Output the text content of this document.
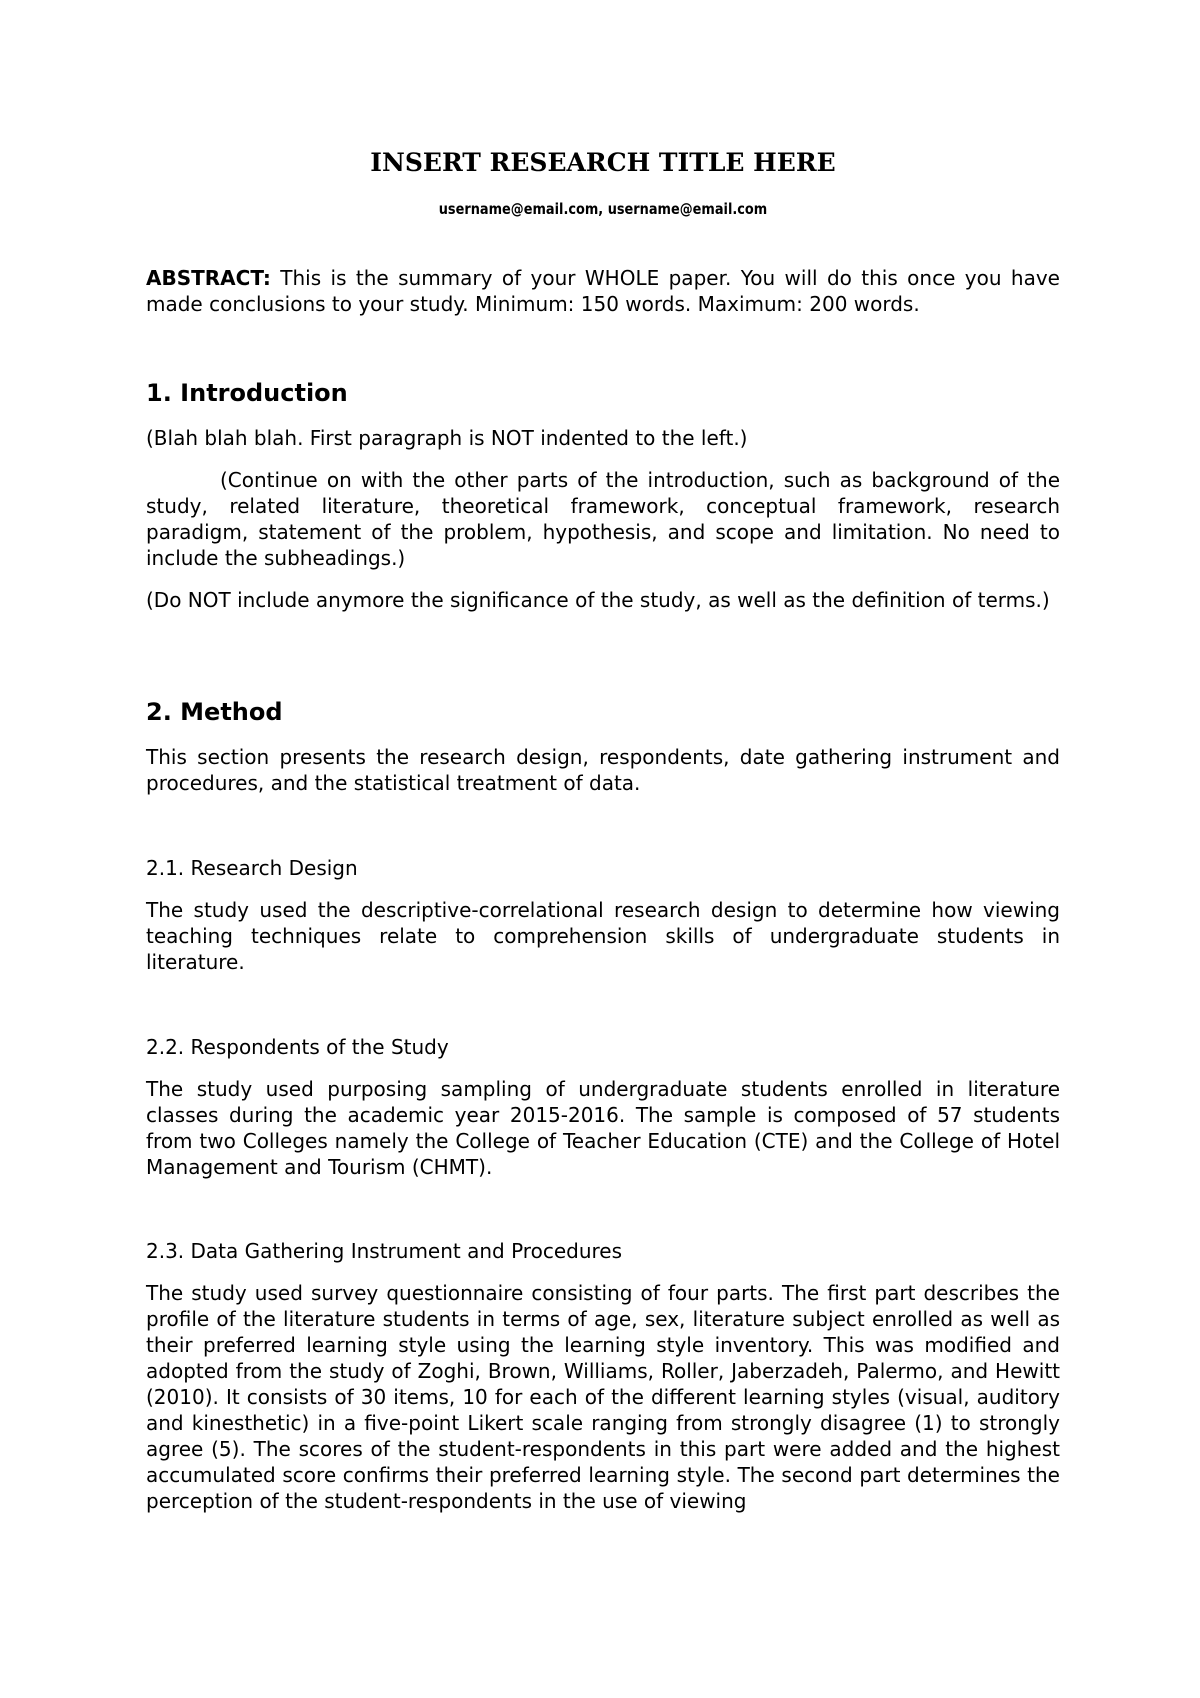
INSERT RESEARCH TITLE HERE
username@email.com, username@email.com

ABSTRACT: This is the summary of your WHOLE paper. You will do this once you have made conclusions to your study. Minimum: 150 words. Maximum: 200 words.

1. Introduction

(Blah blah blah. First paragraph is NOT indented to the left.)

(Continue on with the other parts of the introduction, such as background of the study, related literature, theoretical framework, conceptual framework, research paradigm, statement of the problem, hypothesis, and scope and limitation. No need to include the subheadings.)

(Do NOT include anymore the significance of the study, as well as the definition of terms.)

2. Method

This section presents the research design, respondents, date gathering instrument and procedures, and the statistical treatment of data.

2.1. Research Design

The study used the descriptive-correlational research design to determine how viewing teaching techniques relate to comprehension skills of undergraduate students in literature.

2.2. Respondents of the Study

The study used purposing sampling of undergraduate students enrolled in literature classes during the academic year 2015-2016. The sample is composed of 57 students from two Colleges namely the College of Teacher Education (CTE) and the College of Hotel Management and Tourism (CHMT).

2.3. Data Gathering Instrument and Procedures

The study used survey questionnaire consisting of four parts. The first part describes the profile of the literature students in terms of age, sex, literature subject enrolled as well as their preferred learning style using the learning style inventory. This was modified and adopted from the study of Zoghi, Brown, Williams, Roller, Jaberzadeh, Palermo, and Hewitt (2010). It consists of 30 items, 10 for each of the different learning styles (visual, auditory and kinesthetic) in a five-point Likert scale ranging from strongly disagree (1) to strongly agree (5). The scores of the student-respondents in this part were added and the highest accumulated score confirms their preferred learning style. The second part determines the perception of the student-respondents in the use of viewing
